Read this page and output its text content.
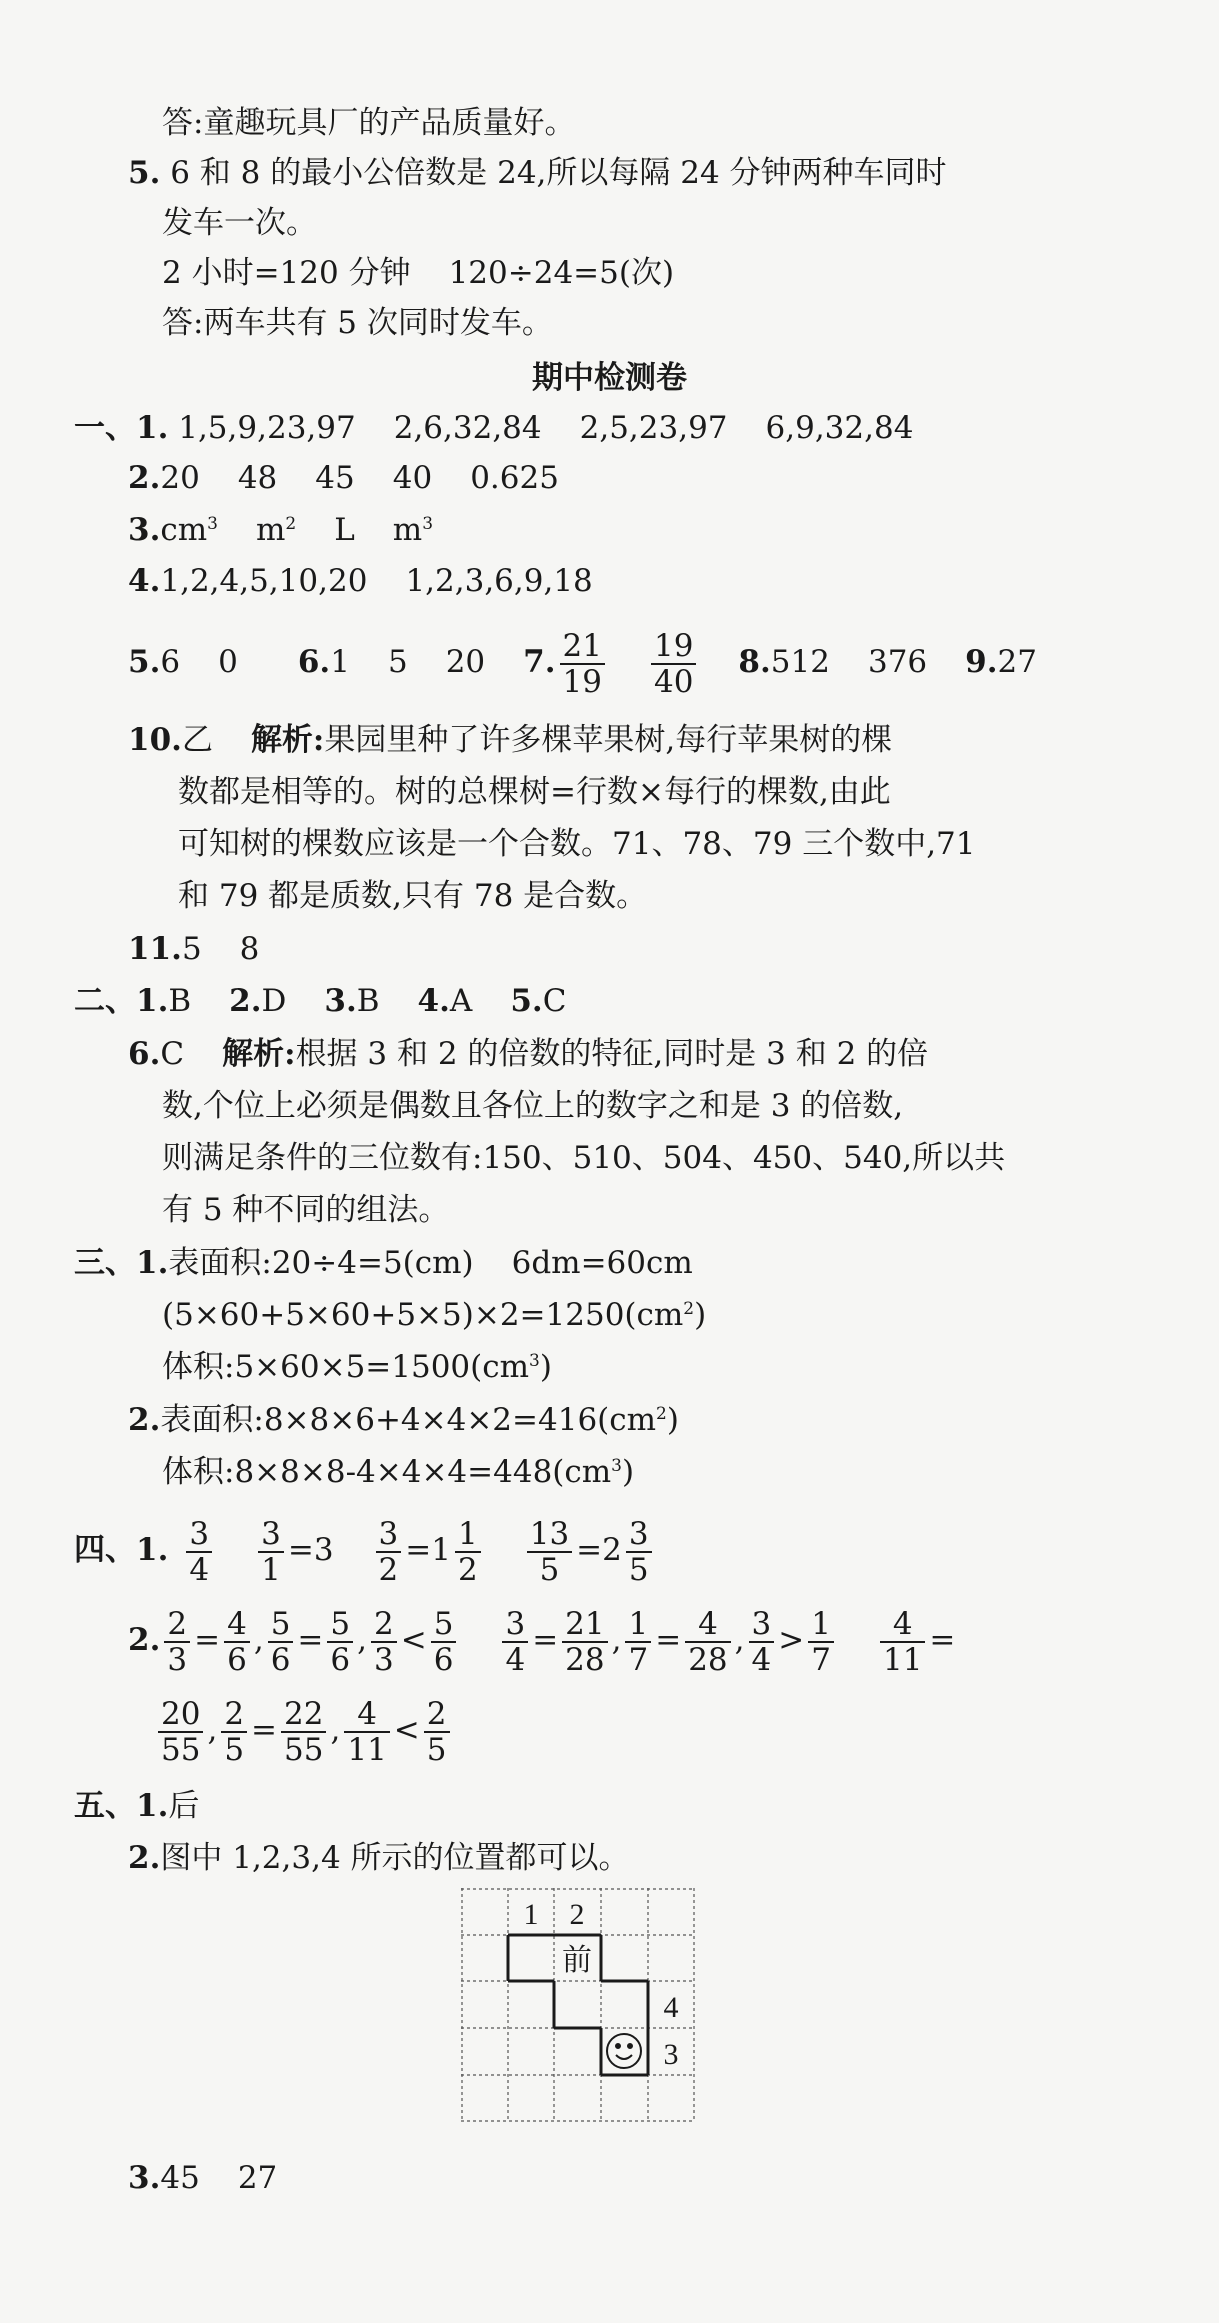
答:童趣玩具厂的产品质量好。
5. 6 和 8 的最小公倍数是 24,所以每隔 24 分钟两种车同时
发车一次。
2 小时=120 分钟 120÷24=5(次)
答:两车共有 5 次同时发车。
期中检测卷
一、1. 1,5,9,23,97 2,6,32,84 2,5,23,97 6,9,32,84
2.20 48 45 40 0.625
$3.cm^3$ $m^2$ L $m^3$
4.1,2,4,5,10,20 1,2,3,6,9,18
5.6 0 6.1 5 20 7. $\frac{21}{19} \frac{19}{40} 8.512$ 376 9.27
10.乙 解析:果园里种了许多棵苹果树,每行苹果树的棵
数都是相等的。树的总棵树=行数×每行的棵数,由此
可知树的棵数应该是一个合数。71、78、79 三个数中,71
和 79 都是质数,只有 78 是合数。
11.5 8
二、1.B 2.D 3.B 4.A 5.C
6.C 解析:根据 3 和 2 的倍数的特征,同时是 3 和 2 的倍
数,个位上必须是偶数且各位上的数字之和是 3 的倍数,
则满足条件的三位数有:150、510、504、450、540,所以共
有 5 种不同的组法。
三、1.表面积:20÷4=5(cm) 6dm=60cm
$(5\times 60+5\times 60+5\times 5)\times 2=1250(cm^2)$
体积$:5\times 60\times 5=1500(cm^3)$
2.表面积$:8\times 8\times 6+4\times 4\times 2=416(cm^2)$
体积$:8\times 8\times 8-4\times 4\times 4=448(cm^3)$
四、1. $\frac{3}{4} \frac{3}{1} =3 \frac{3}{2} =1 \frac{1}{2} \frac{13}{5} =2 \frac{3}{5}$
2. $\frac{2}{3} = \frac{4}{6}$ , $\frac{5}{6} = \frac{5}{6}$ , $\frac{2}{3} < \frac{5}{6} \frac{3}{4} = \frac{21}{28}$ , $\frac{1}{7} = \frac{4}{28}$ , $\frac{3}{4} > \frac{1}{7} \frac{4}{11}$ =
$\frac{20}{55}$ , $\frac{2}{5} = \frac{22}{55}$ , $\frac{4}{11} < \frac{2}{5}$
五、1.后
2.图中 1,2,3,4 所示的位置都可以。
1 2
前
4
3
3.45 27
